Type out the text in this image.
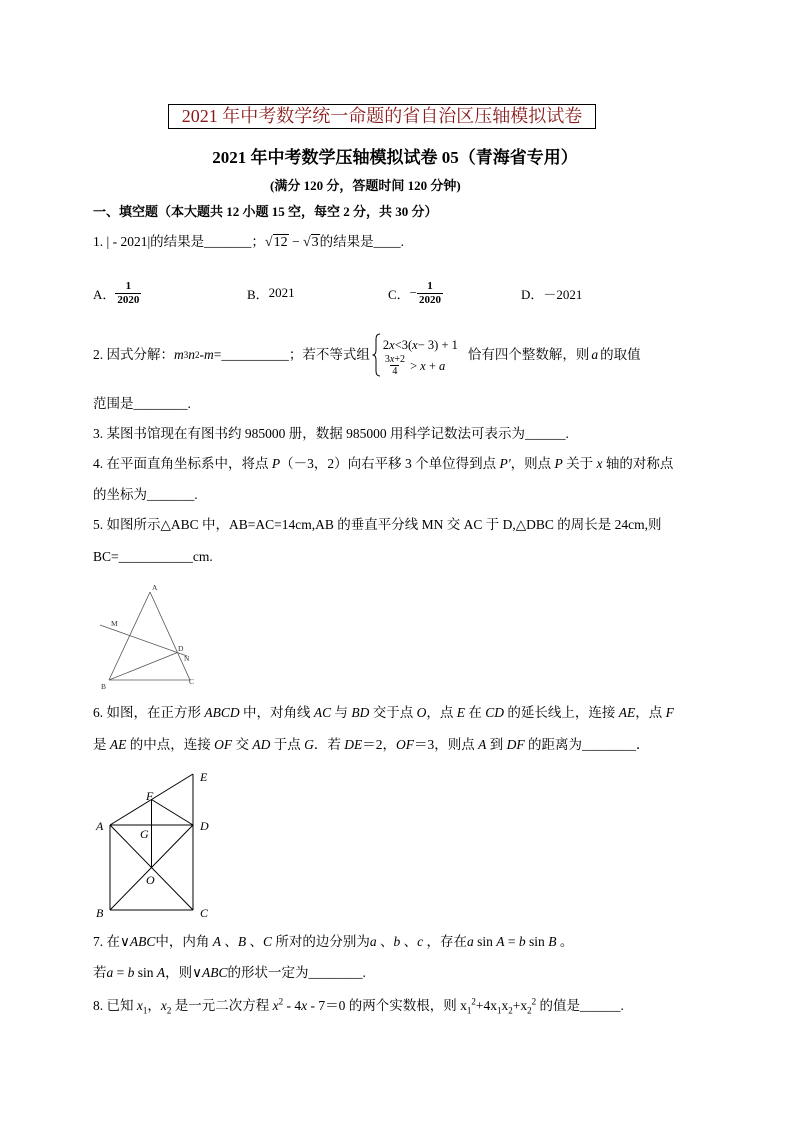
2021 年中考数学统一命题的省自治区压轴模拟试卷
2021 年中考数学压轴模拟试卷 05（青海省专用）
(满分 120 分，答题时间 120 分钟)
一、填空题（本大题共 12 小题 15 空，每空 2 分，共 30 分）
1. | - 2021|的结果是_______；√12 − √3的结果是____.
A． $\frac{1}{2020}$	B． 2021	C． − $\frac{1}{2020}$	D． －2021
2. 因式分解： m 3 n 2 - m = __________ ；若不等式组
2 x < 3( x − 3) + 1
$\frac{3x+2}{4} > x + a$
恰有四个整数解，则 a 的取值
范围是________.
3. 某图书馆现在有图书约 985000 册，数据 985000 用科学记数法可表示为______.
4. 在平面直角坐标系中，将点 P（－3，2）向右平移 3 个单位得到点 P'，则点 P 关于 x 轴的对称点
的坐标为_______.
5. 如图所示△ABC 中，AB=AC=14cm,AB 的垂直平分线 MN 交 AC 于 D,△DBC 的周长是 24cm,则
BC=___________cm.
A
M
D
N
B
C
6. 如图，在正方形 ABCD 中，对角线 AC 与 BD 交于点 O，点 E 在 CD 的延长线上，连接 AE，点 F
是 AE 的中点，连接 OF 交 AD 于点 G．若 DE＝2，OF＝3，则点 A 到 DF 的距离为________．
E
F
A
G
D
O
B	C
7. 在∨ABC中，内角 A 、B 、C 所对的边分别为a 、b 、c ，存在a sin A = b sin B 。
若a = b sin A，则∨ABC的形状一定为________.
8. 已知 $x_1$，$x_2$ 是一元二次方程 $x^2 - 4x - 7=0$ 的两个实数根，则 $x_1^2+4x_1x_2+x_2^2$ 的值是______.
